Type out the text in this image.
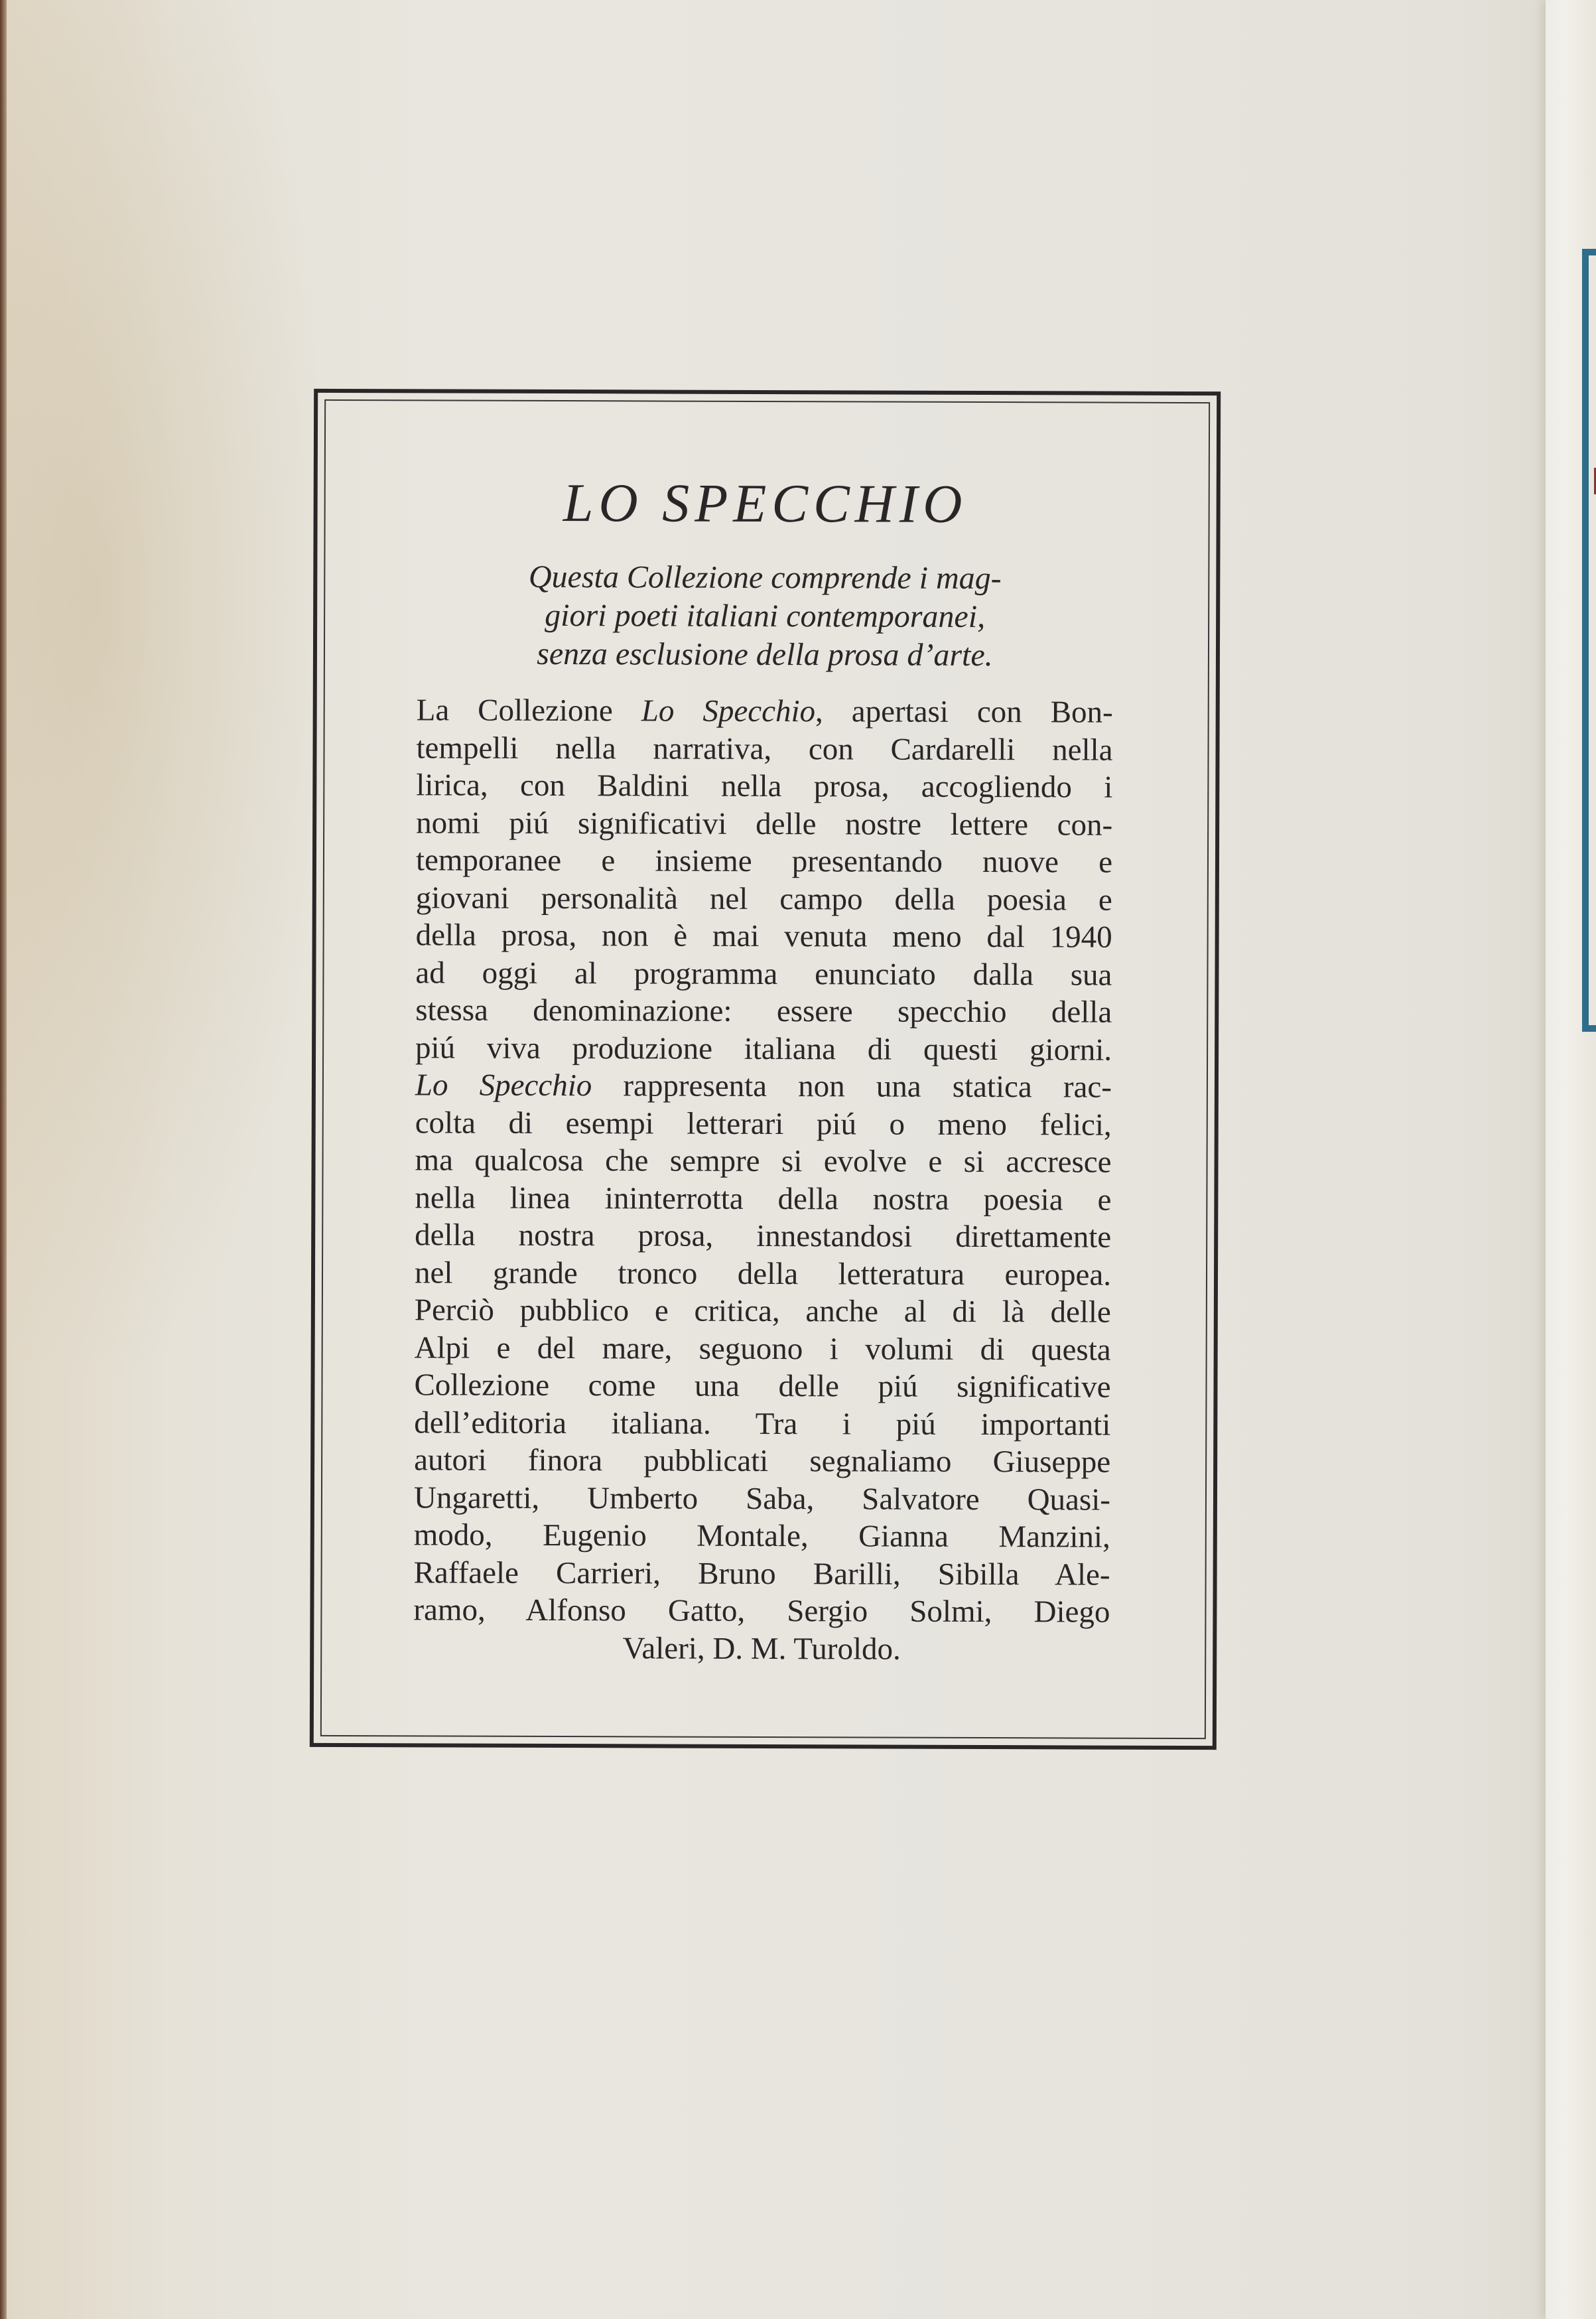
LO SPECCHIO
Questa Collezione comprende i mag-
giori poeti italiani contemporanei,
senza esclusione della prosa d’arte.
La Collezione Lo Specchio, apertasi con Bon-
tempelli nella narrativa, con Cardarelli nella
lirica, con Baldini nella prosa, accogliendo i
nomi piú significativi delle nostre lettere con-
temporanee e insieme presentando nuove e
giovani personalità nel campo della poesia e
della prosa, non è mai venuta meno dal 1940
ad oggi al programma enunciato dalla sua
stessa denominazione: essere specchio della
piú viva produzione italiana di questi giorni.
Lo Specchio rappresenta non una statica rac-
colta di esempi letterari piú o meno felici,
ma qualcosa che sempre si evolve e si accresce
nella linea ininterrotta della nostra poesia e
della nostra prosa, innestandosi direttamente
nel grande tronco della letteratura europea.
Perciò pubblico e critica, anche al di là delle
Alpi e del mare, seguono i volumi di questa
Collezione come una delle piú significative
dell’editoria italiana. Tra i piú importanti
autori finora pubblicati segnaliamo Giuseppe
Ungaretti, Umberto Saba, Salvatore Quasi-
modo, Eugenio Montale, Gianna Manzini,
Raffaele Carrieri, Bruno Barilli, Sibilla Ale-
ramo, Alfonso Gatto, Sergio Solmi, Diego
Valeri, D. M. Turoldo.
